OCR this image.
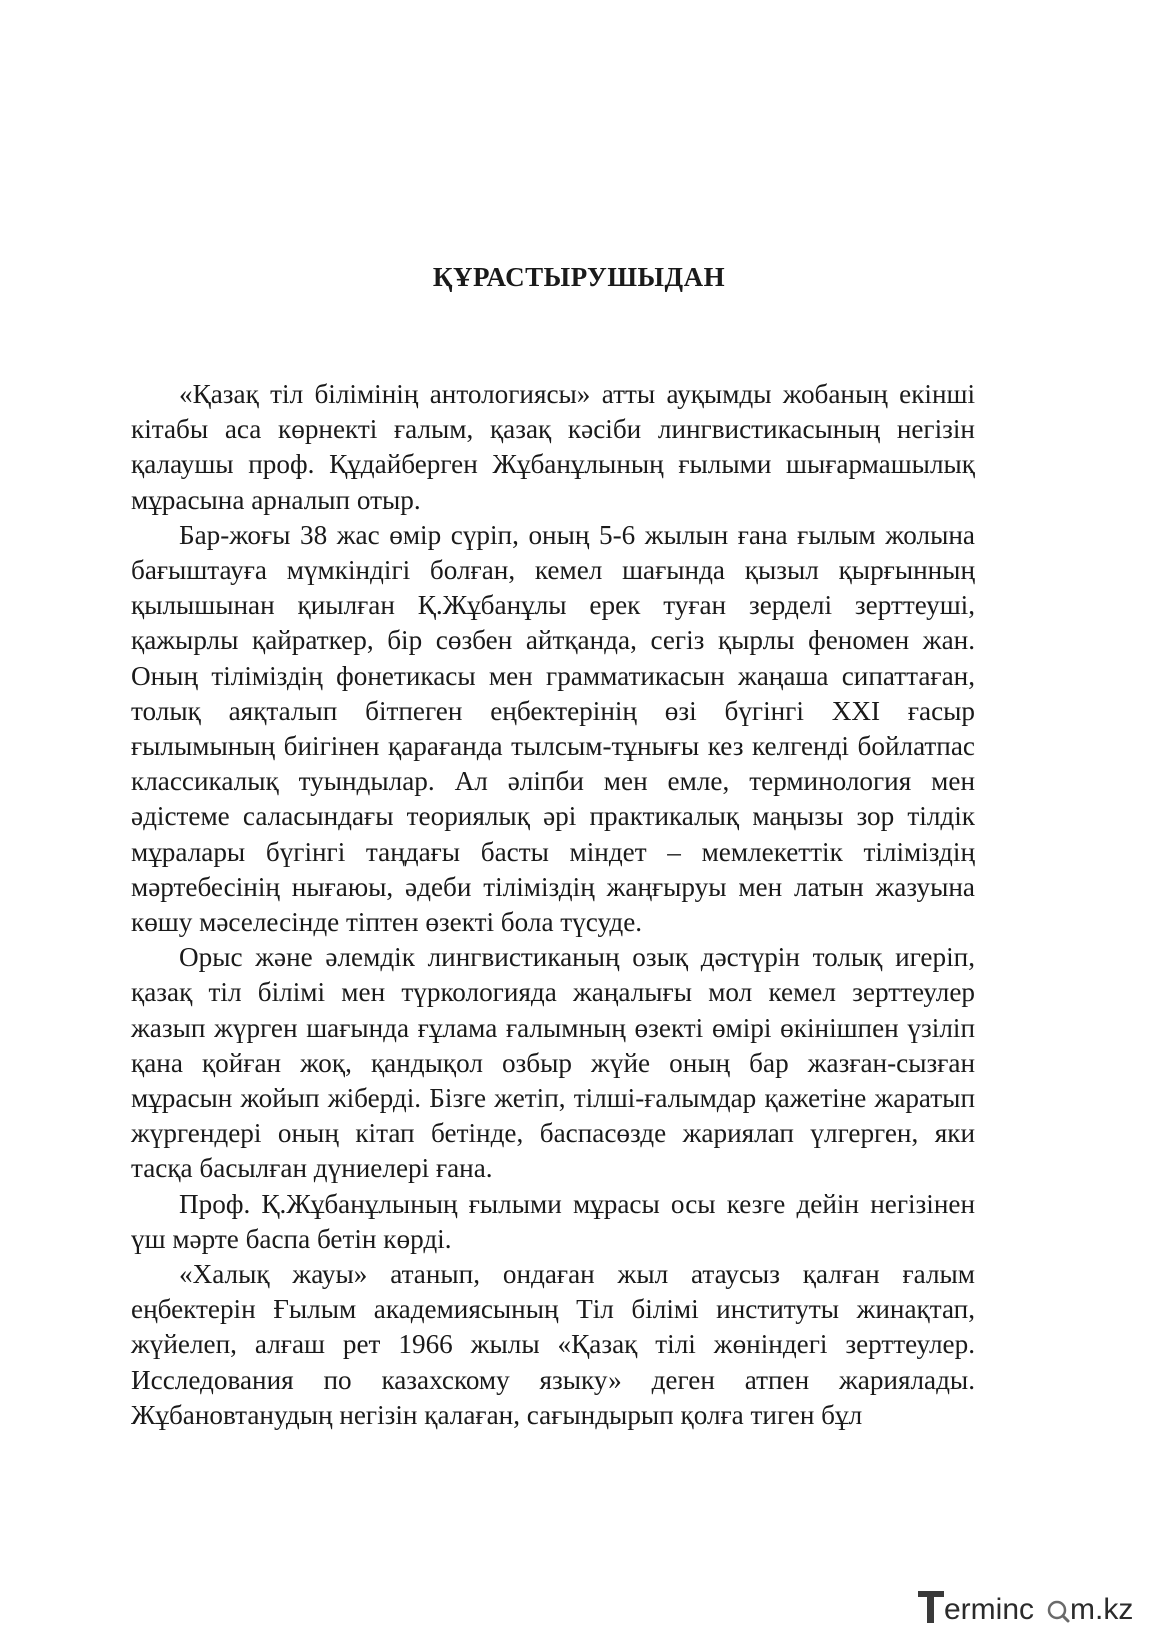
ҚҰРАСТЫРУШЫДАН

«Қазақ тіл білімінің антологиясы» атты ауқымды жобаның екінші кітабы аса көрнекті ғалым, қазақ кәсіби лингвистикасының негізін қалаушы проф. Құдайберген Жұбанұлының ғылыми шығармашылық мұрасына арналып отыр.

Бар-жоғы 38 жас өмір сүріп, оның 5-6 жылын ғана ғылым жолына бағыштауға мүмкіндігі болған, кемел шағында қызыл қырғынның қылышынан қиылған Қ.Жұбанұлы ерек туған зерделі зерттеуші, қажырлы қайраткер, бір сөзбен айтқанда, сегіз қырлы феномен жан. Оның тіліміздің фонетикасы мен грамматикасын жаңаша сипаттаған, толық аяқталып бітпеген еңбектерінің өзі бүгінгі XXI ғасыр ғылымының биігінен қарағанда тылсым-тұнығы кез келгенді бойлатпас классикалық туындылар. Ал әліпби мен емле, терминология мен әдістеме саласындағы теориялық әрі практикалық маңызы зор тілдік мұралары бүгінгі таңдағы басты міндет – мемлекеттік тіліміздің мәртебесінің нығаюы, әдеби тіліміздің жаңғыруы мен латын жазуына көшу мәселесінде тіптен өзекті бола түсуде.

Орыс және әлемдік лингвистиканың озық дәстүрін толық игеріп, қазақ тіл білімі мен түркологияда жаңалығы мол кемел зерттеулер жазып жүрген шағында ғұлама ғалымның өзекті өмірі өкінішпен үзіліп қана қойған жоқ, қандықол озбыр жүйе оның бар жазған-сызған мұрасын жойып жіберді. Бізге жетіп, тілші-ғалымдар қажетіне жаратып жүргендері оның кітап бетінде, баспасөзде жариялап үлгерген, яки тасқа басылған дүниелері ғана.

Проф. Қ.Жұбанұлының ғылыми мұрасы осы кезге дейін негізінен үш мәрте баспа бетін көрді.

«Халық жауы» атанып, ондаған жыл атаусыз қалған ғалым еңбектерін Ғылым академиясының Тіл білімі институты жинақтап, жүйелеп, алғаш рет 1966 жылы «Қазақ тілі жөніндегі зерттеулер. Исследования по казахскому языку» деген атпен жариялады. Жұбановтанудың негізін қалаған, сағындырып қолға тиген бұл

erminc m.kz
